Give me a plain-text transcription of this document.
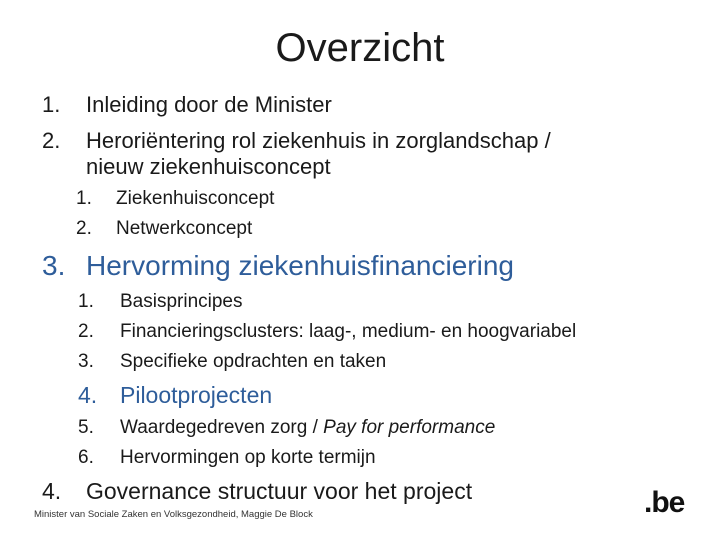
Overzicht
1. Inleiding door de Minister
2. Heroriëntering rol ziekenhuis in zorglandschap /
nieuw ziekenhuisconcept
1. Ziekenhuisconcept
2. Netwerkconcept
3. Hervorming ziekenhuisfinanciering
1. Basisprincipes
2. Financieringsclusters: laag-, medium- en hoogvariabel
3. Specifieke opdrachten en taken
4. Pilootprojecten
5. Waardegedreven zorg / Pay for performance
6. Hervormingen op korte termijn
4. Governance structuur voor het project
Minister van Sociale Zaken en Volksgezondheid, Maggie De Block	.be
